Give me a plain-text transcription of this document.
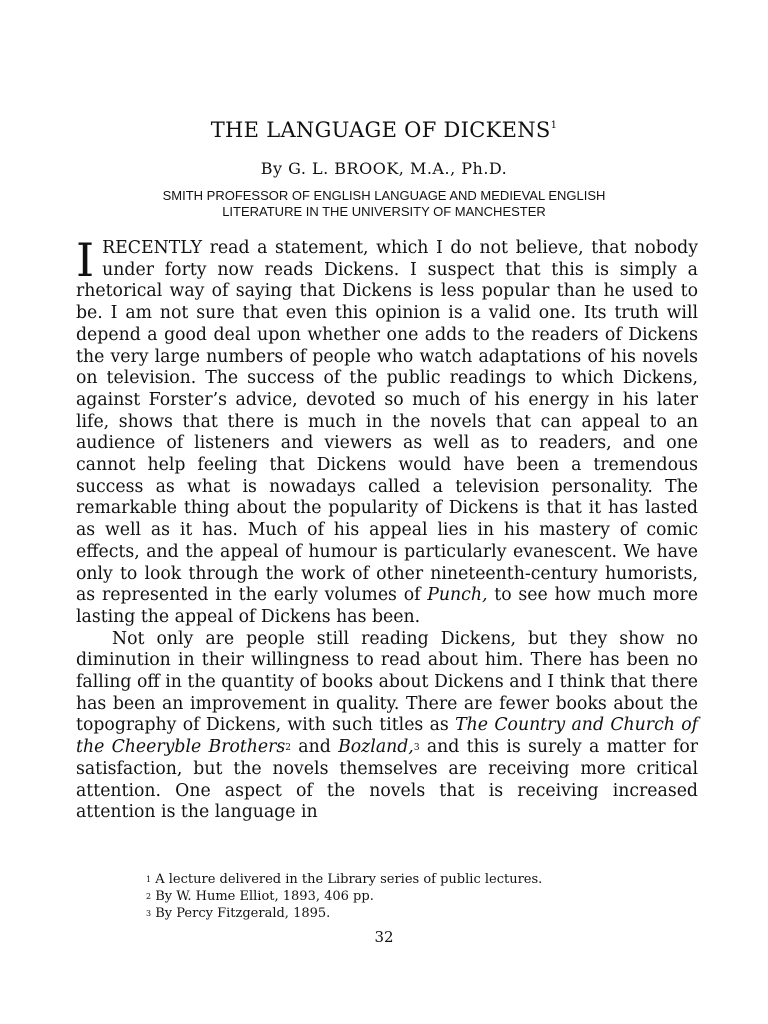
THE LANGUAGE OF DICKENS$^1$
By G. L. BROOK, M.A., Ph.D.
SMITH PROFESSOR OF ENGLISH LANGUAGE AND MEDIEVAL ENGLISH
LITERATURE IN THE UNIVERSITY OF MANCHESTER

IRECENTLY read a statement, which I do not believe, that nobody under forty now reads Dickens. I suspect that this is simply a rhetorical way of saying that Dickens is less popular than he used to be. I am not sure that even this opinion is a valid one. Its truth will depend a good deal upon whether one adds to the readers of Dickens the very large numbers of people who watch adaptations of his novels on television. The success of the public readings to which Dickens, against Forster’s advice, devoted so much of his energy in his later life, shows that there is much in the novels that can appeal to an audience of listeners and viewers as well as to readers, and one cannot help feeling that Dickens would have been a tremendous success as what is nowadays called a television personality. The remarkable thing about the popularity of Dickens is that it has lasted as well as it has. Much of his appeal lies in his mastery of comic effects, and the appeal of humour is particularly evanescent. We have only to look through the work of other nineteenth-century humorists, as represented in the early volumes of Punch, to see how much more lasting the appeal of Dickens has been.

Not only are people still reading Dickens, but they show no diminution in their willingness to read about him. There has been no falling off in the quantity of books about Dickens and I think that there has been an improvement in quality. There are fewer books about the topography of Dickens, with such titles as The Country and Church of the Cheeryble Brothers$^2$ and Bozland,$^3$ and this is surely a matter for satisfaction, but the novels themselves are receiving more critical attention. One aspect of the novels that is receiving increased attention is the language in

$^1$ A lecture delivered in the Library series of public lectures.
$^2$ By W. Hume Elliot, 1893, 406 pp.
$^3$ By Percy Fitzgerald, 1895.
32
